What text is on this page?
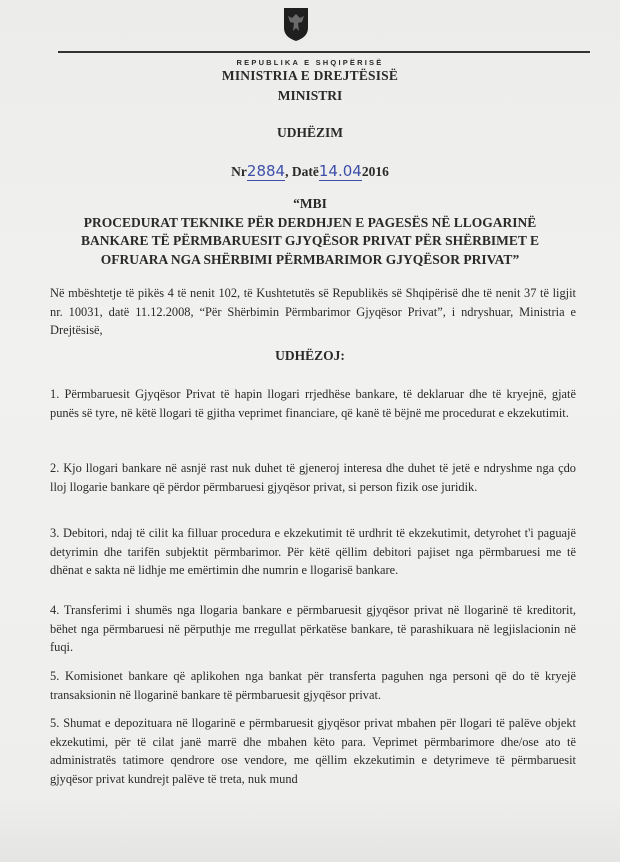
REPUBLIKA E SHQIPËRISË
MINISTRIA E DREJTËSISË
MINISTRI
UDHËZIM
Nr2884, Datë14.042016
“MBI
PROCEDURAT TEKNIKE PËR DERDHJEN E PAGESËS NË LLOGARINË
BANKARE TË PËRMBARUESIT GJYQËSOR PRIVAT PËR SHËRBIMET E
OFRUARA NGA SHËRBIMI PËRMBARIMOR GJYQËSOR PRIVAT”
Në mbështetje të pikës 4 të nenit 102, të Kushtetutës së Republikës së Shqipërisë dhe të nenit 37 të ligjit nr. 10031, datë 11.12.2008, “Për Shërbimin Përmbarimor Gjyqësor Privat”, i ndryshuar, Ministria e Drejtësisë,
UDHËZOJ:
1. Përmbaruesit Gjyqësor Privat të hapin llogari rrjedhëse bankare, të deklaruar dhe të kryejnë, gjatë punës së tyre, në këtë llogari të gjitha veprimet financiare, që kanë të bëjnë me procedurat e ekzekutimit.
2. Kjo llogari bankare në asnjë rast nuk duhet të gjeneroj interesa dhe duhet të jetë e ndryshme nga çdo lloj llogarie bankare që përdor përmbaruesi gjyqësor privat, si person fizik ose juridik.
3. Debitori, ndaj të cilit ka filluar procedura e ekzekutimit të urdhrit të ekzekutimit, detyrohet t'i paguajë detyrimin dhe tarifën subjektit përmbarimor. Për këtë qëllim debitori pajiset nga përmbaruesi me të dhënat e sakta në lidhje me emërtimin dhe numrin e llogarisë bankare.
4. Transferimi i shumës nga llogaria bankare e përmbaruesit gjyqësor privat në llogarinë të kreditorit, bëhet nga përmbaruesi në përputhje me rregullat përkatëse bankare, të parashikuara në legjislacionin në fuqi.
5. Komisionet bankare që aplikohen nga bankat për transferta paguhen nga personi që do të kryejë transaksionin në llogarinë bankare të përmbaruesit gjyqësor privat.
5. Shumat e depozituara në llogarinë e përmbaruesit gjyqësor privat mbahen për llogari të palëve objekt ekzekutimi, për të cilat janë marrë dhe mbahen këto para. Veprimet përmbarimore dhe/ose ato të administratës tatimore qendrore ose vendore, me qëllim ekzekutimin e detyrimeve të përmbaruesit gjyqësor privat kundrejt palëve të treta, nuk mund
